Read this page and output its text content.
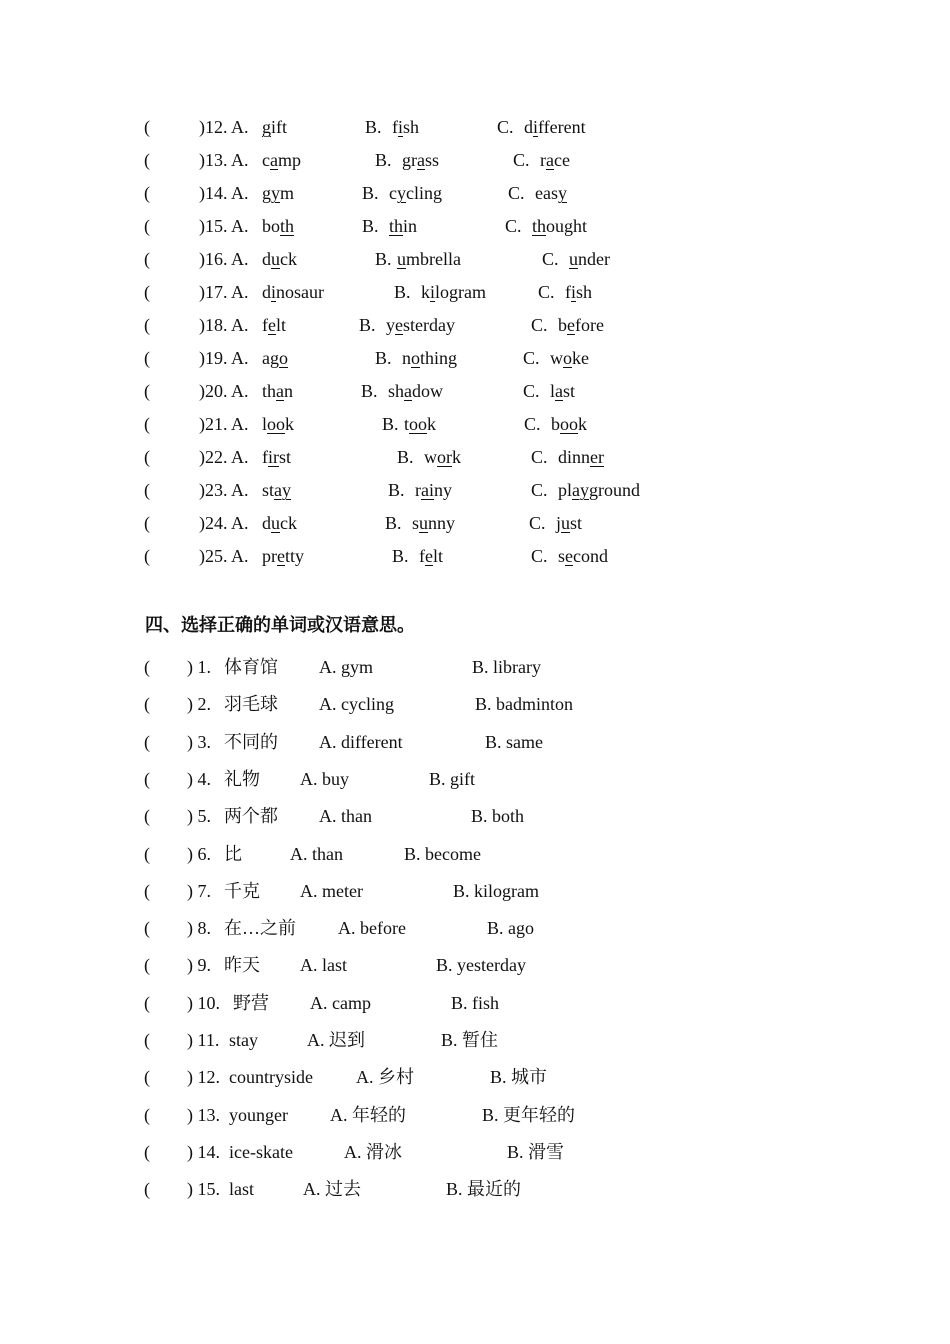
(	)12. A. gift	B. fish	C. different
(	)13. A. camp	B. grass	C. race
(	)14. A. gym	B. cycling	C. easy
(	)15. A. both	B. thin	C. thought
(	)16. A. duck	B. umbrella	C. under
(	)17. A. dinosaur	B. kilogram	C. fish
(	)18. A. felt	B. yesterday	C. before
(	)19. A. ago	B. nothing	C. woke
(	)20. A. than	B. shadow	C. last
(	)21. A. look	B. took	C. book
(	)22. A. first	B. work	C. dinner
(	)23. A. stay	B. rainy	C. playground
(	)24. A. duck	B. sunny	C. just
(	)25. A. pretty	B. felt	C. second
四、选择正确的单词或汉语意思。
( ) 1. 体育馆 A. gym	B. library
( ) 2. 羽毛球 A. cycling	B. badminton
( ) 3. 不同的 A. different	B. same
( ) 4. 礼物 A. buy	B. gift
( ) 5. 两个都 A. than	B. both
( ) 6. 比	A. than	B. become
( ) 7. 千克 A. meter	B. kilogram
( ) 8. 在…之前 A. before	B. ago
( ) 9. 昨天 A. last	B. yesterday
( ) 10. 野营 A. camp	B. fish
( ) 11. stay	A. 迟到	B. 暂住
( ) 12. countryside A. 乡村	B. 城市
( ) 13. younger A. 年轻的	B. 更年轻的
( ) 14. ice-skate	A. 滑冰	B. 滑雪
( ) 15. last	A. 过去	B. 最近的
